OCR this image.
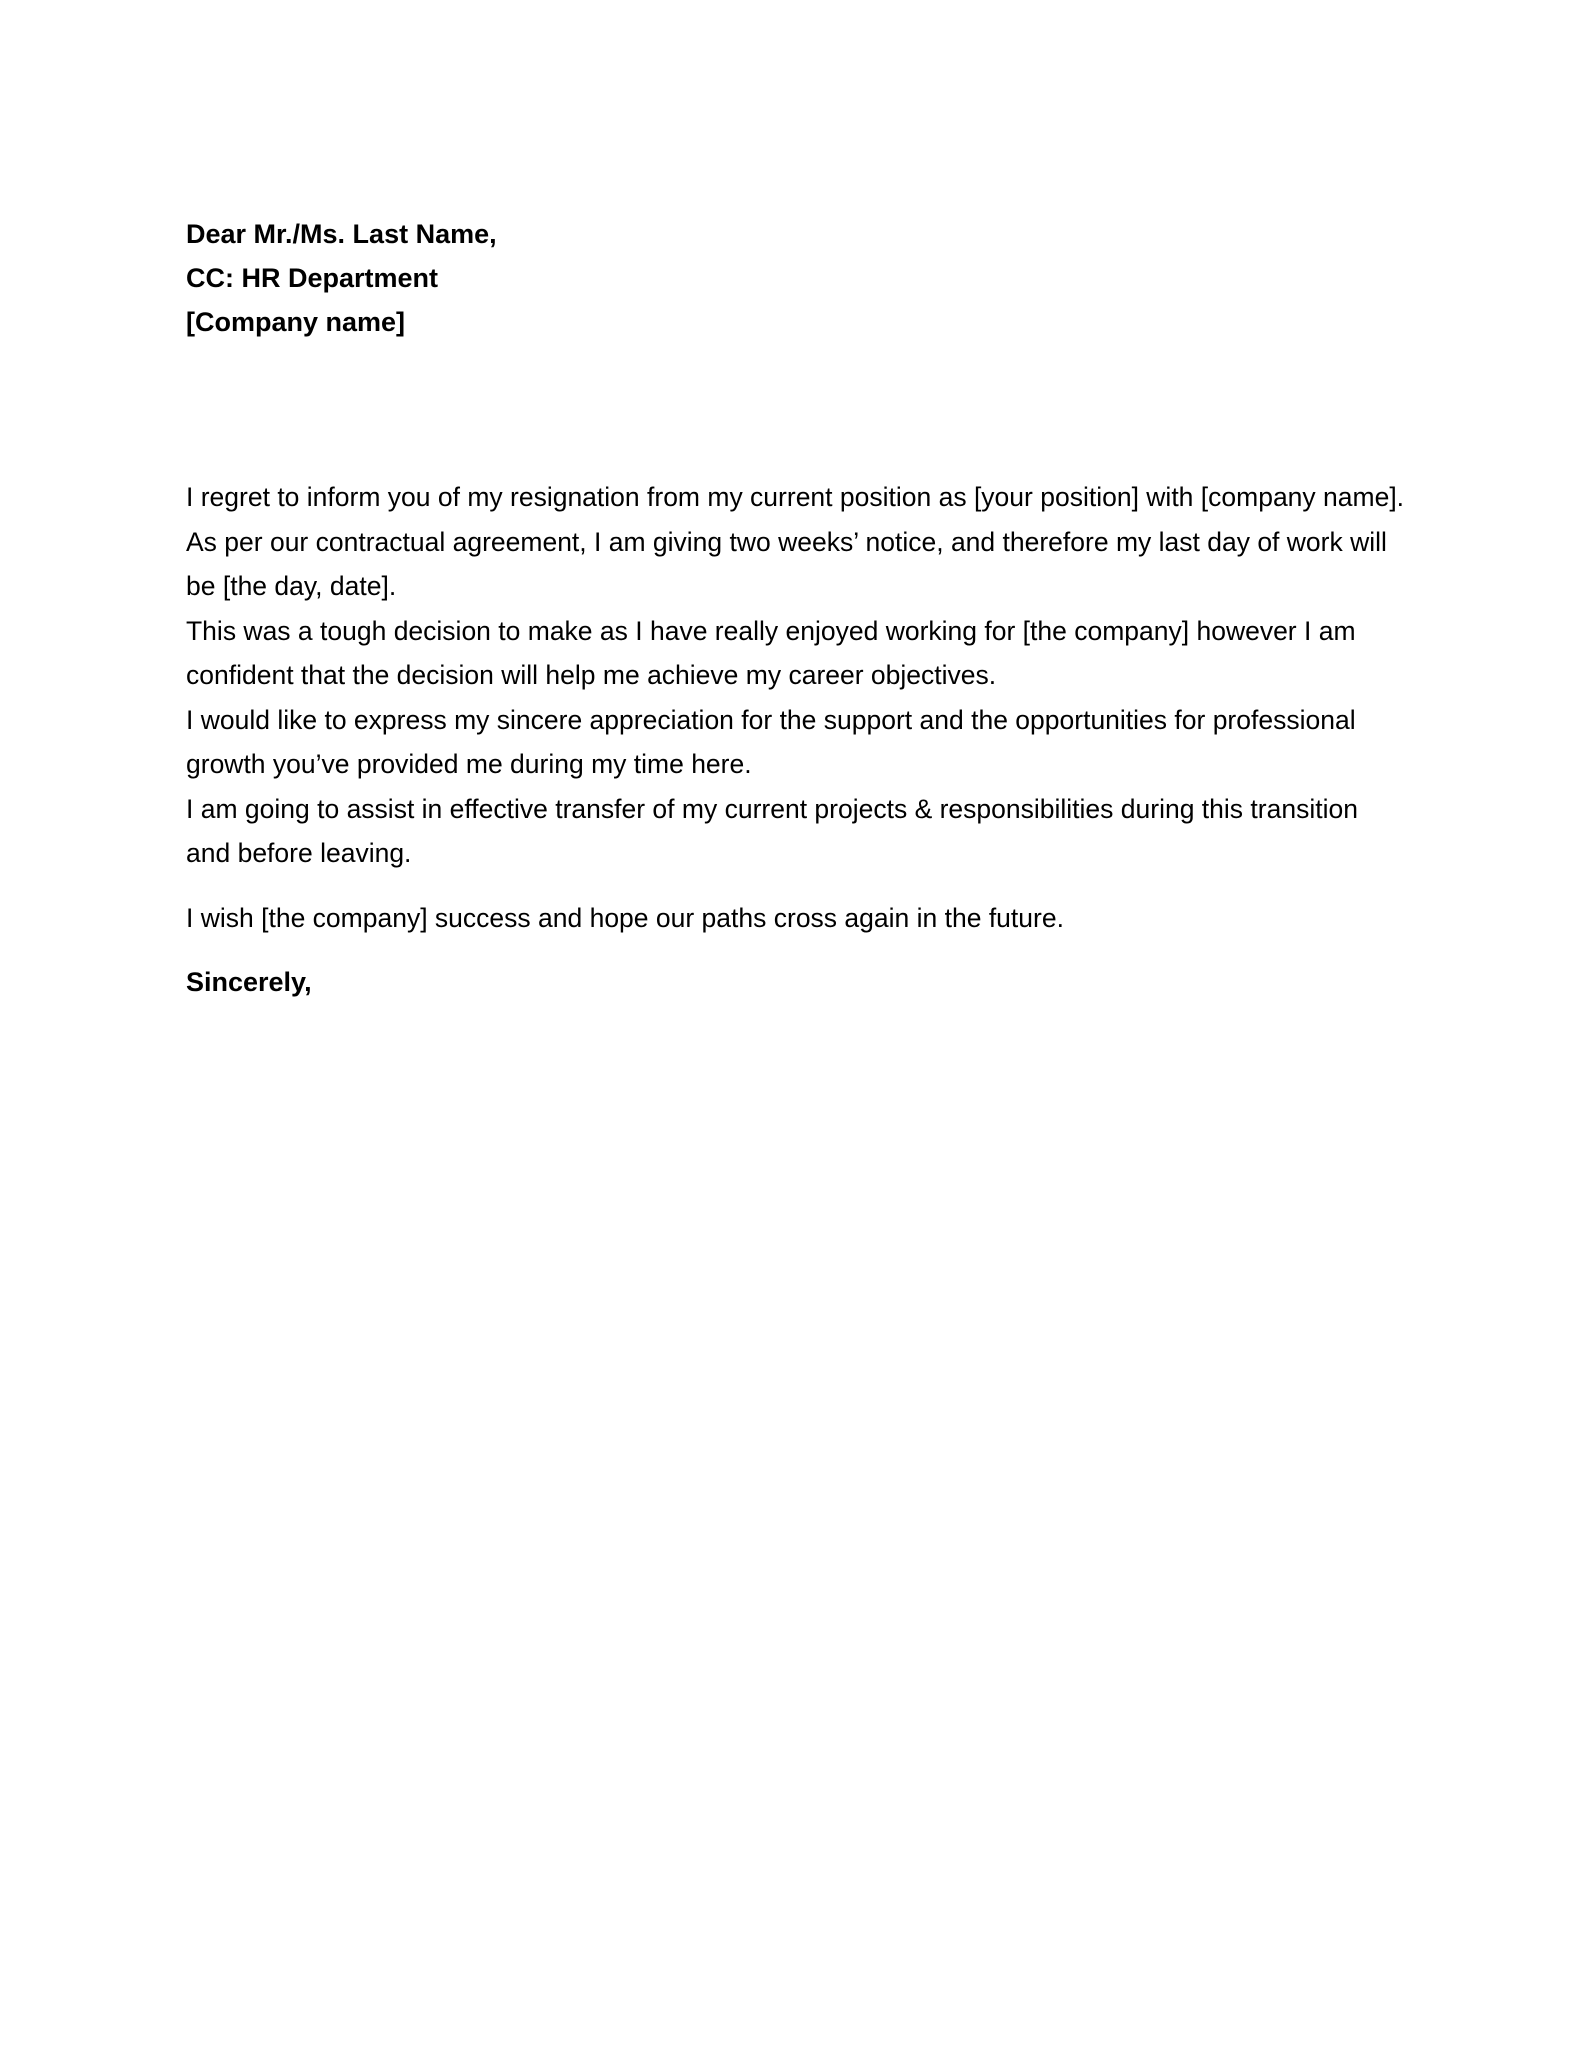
Dear Mr./Ms. Last Name,
CC: HR Department
[Company name]

I regret to inform you of my resignation from my current position as [your position] with [company name].

As per our contractual agreement, I am giving two weeks’ notice, and therefore my last day of work will be [the day, date].

This was a tough decision to make as I have really enjoyed working for [the company] however I am confident that the decision will help me achieve my career objectives.

I would like to express my sincere appreciation for the support and the opportunities for professional growth you’ve provided me during my time here.

I am going to assist in effective transfer of my current projects & responsibilities during this transition and before leaving.

I wish [the company] success and hope our paths cross again in the future.

Sincerely,
